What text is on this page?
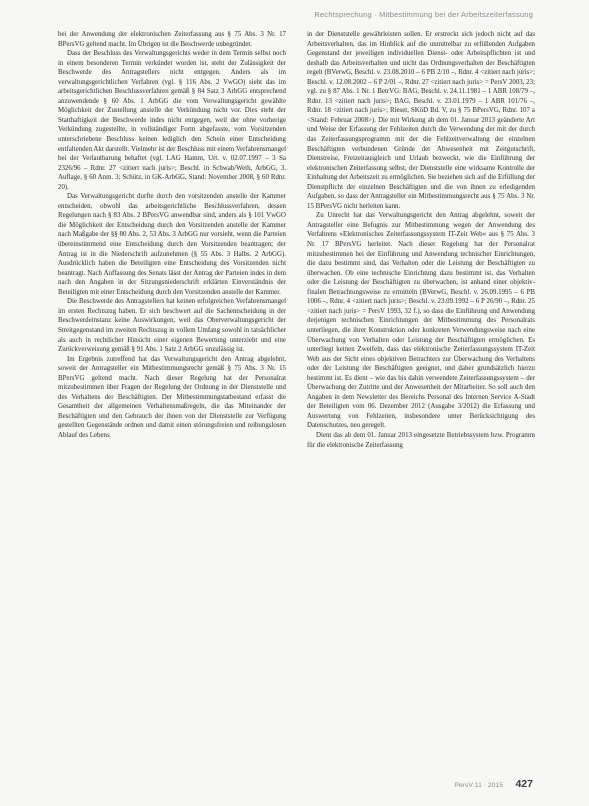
Rechtsprechung · Mitbestimmung bei der Arbeitszeiterfassung

bei der Anwendung der elektronischen Zeiterfassung aus § 75 Abs. 3 Nr. 17 BPersVG geltend macht. Im Übrigen ist die Beschwerde unbegründet.

Dass der Beschluss des Verwaltungsgerichts weder in dem Termin selbst noch in einem besonderen Termin verkündet worden ist, steht der Zulässigkeit der Beschwerde des Antragstellers nicht entgegen. Anders als im verwaltungsgerichtlichen Verfahren (vgl. § 116 Abs. 2 VwGO) sieht das im arbeitsgerichtlichen Beschlussverfahren gemäß § 84 Satz 3 ArbGG entsprechend anzuwendende § 60 Abs. 1 ArbGG die vom Verwaltungsgericht gewählte Möglichkeit der Zustellung anstelle der Verkündung nicht vor. Dies steht der Statthaftigkeit der Beschwerde indes nicht entgegen, weil der ohne vorherige Verkündung zugestellte, in vollständiger Form abgefasste, vom Vorsitzenden unterschriebene Beschluss keinen lediglich den Schein einer Entscheidung entfaltenden Akt darstellt. Vielmehr ist der Beschluss mit einem Verfahrensmangel bei der Verlautbarung behaftet (vgl. LAG Hamm, Urt. v. 02.07.1997 – 3 Sa 2326/96 – Rdnr. 27 <zitiert nach juris>; Beschl. in Schwab/Weth, ArbGG, 3. Auflage, § 60 Anm. 3; Schütz, in GK-ArbGG, Stand: November 2008, § 60 Rdnr. 20).

Das Verwaltungsgericht durfte durch den vorsitzenden anstelle der Kammer entscheiden, obwohl das arbeitsgerichtliche Beschlussverfahren, dessen Regelungen nach § 83 Abs. 2 BPersVG anwendbar sind, anders als § 101 VwGO die Möglichkeit der Entscheidung durch den Vorsitzenden anstelle der Kammer nach Maßgabe der §§ 80 Abs. 2, 53 Abs. 3 ArbGG nur vorsieht, wenn die Parteien übereinstimmend eine Entscheidung durch den Vorsitzenden beantragen; der Antrag ist in die Niederschrift aufzunehmen (§ 55 Abs. 3 Halbs. 2 ArbGG). Ausdrücklich haben die Beteiligten eine Entscheidung des Vorsitzenden nicht beantragt. Nach Auffassung des Senats lässt der Antrag der Parteien indes in dem nach den Angaben in der Sitzungsniederschrift erklärten Einverständnis der Beteiligten mit einer Entscheidung durch den Vorsitzenden anstelle der Kammer.

Die Beschwerde des Antragstellers hat keinen erfolgreichen Verfahrensmangel im ersten Rechtszug haben. Er sich beschwert auf die Sachentscheidung in der Beschwerdeinstanz keine Auswirkungen, weil das Oberverwaltungsgericht der Streitgegenstand im zweiten Rechtszug in vollem Umfang sowohl in tatsächlicher als auch in rechtlicher Hinsicht einer eigenen Bewertung unterzieht und eine Zurückverweisung gemäß § 91 Abs. 1 Satz 2 ArbGG unzulässig ist.

Im Ergebnis zutreffend hat das Verwaltungsgericht den Antrag abgelehnt, soweit der Antragsteller ein Mitbestimmungsrecht gemäß § 75 Abs. 3 Nr. 15 BPersVG geltend macht. Nach dieser Regelung hat der Personalrat mitzubestimmen über Fragen der Regelung der Ordnung in der Dienststelle und des Verhaltens der Beschäftigten. Der Mitbestimmungstatbestand erfasst die Gesamtheit der allgemeinen Verhaltensmaßregeln, die das Miteinander der Beschäftigten und den Gebrauch der ihnen von der Dienststelle zur Verfügung gestellten Gegenstände ordnen und damit einen störungsfreien und reibungslosen Ablauf des Lebens

in der Dienststelle gewährleisten sollen. Er erstreckt sich jedoch nicht auf das Arbeitsverhalten, das im Hinblick auf die unmittelbar zu erfüllenden Aufgaben Gegenstand der jeweiligen individuellen Dienst- oder Arbeitspflichten ist und deshalb das Arbeitsverhalten und nicht das Ordnungsverhalten der Beschäftigten regelt (BVerwG, Beschl. v. 23.08.2010 – 6 PB 2/10 –, Rdnr. 4 <zitiert nach juris>; Beschl. v. 12.08.2002 – 6 P 2/01 –, Rdnr. 27 <zitiert nach juris> = PersV 2003, 23; vgl. zu § 87 Abs. 1 Nr. 1 BetrVG: BAG, Beschl. v. 24.11.1981 – 1 ABR 108/79 –, Rdnr. 13 <zitiert nach juris>; BAG, Beschl. v. 23.01.1979 – 1 ABR 101/76 –, Rdnr. 18 <zitiert nach juris>; Rieset, SKöD Bd. V, zu § 75 BPersVG, Rdnr. 107 a <Stand: Februar 2008>). Die mit Wirkung ab dem 01. Januar 2013 geänderte Art und Weise der Erfassung der Fehlzeiten durch die Verwendung der mit der durch das Zeiterfassungsprogramm mit der die Fehlzeitverwaltung der einzelnen Beschäftigten verbundenen Gründe der Abwesenheit mit Zeitgutschrift, Dienstreise, Freizeitausgleich und Urlaub bezweckt, wie die Einführung der elektronischen Zeiterfassung selbst, der Dienststelle eine wirksame Kontrolle der Einhaltung der Arbeitszeit zu ermöglichen. Sie beziehen sich auf die Erfüllung der Dienstpflicht der einzelnen Beschäftigten und die von ihnen zu erledigenden Aufgaben, so dass der Antragsteller ein Mitbestimmungsrecht aus § 75 Abs. 3 Nr. 15 BPersVG nicht herleiten kann.

Zu Unrecht hat das Verwaltungsgericht den Antrag abgelehnt, soweit der Antragsteller eine Befugnis zur Mitbestimmung wegen der Anwendung des Verfahrens »Elektronisches Zeiterfassungssystem IT-Zeit Web« aus § 75 Abs. 3 Nr. 17 BPersVG herleitet. Nach dieser Regelung hat der Personalrat mitzubestimmen bei der Einführung und Anwendung technischer Einrichtungen, die dazu bestimmt sind, das Verhalten oder die Leistung der Beschäftigten zu überwachen. Ob eine technische Einrichtung dazu bestimmt ist, das Verhalten oder die Leistung der Beschäftigten zu überwachen, ist anhand einer objektiv-finalen Betrachtungsweise zu ermitteln (BVerwG, Beschl. v. 26.09.1995 – 6 PB 1006 –, Rdnr. 4 <zitiert nach juris>; Beschl. v. 23.09.1992 – 6 P 26/90 –, Rdnr. 25 <zitiert nach juris> = PersV 1993, 32 f.), so dass die Einführung und Anwendung derjenigen technischen Einrichtungen der Mitbestimmung des Personalrats unterliegen, die ihrer Konstruktion oder konkreten Verwendungsweise nach eine Überwachung von Verhalten oder Leistung der Beschäftigten ermöglichen. Es unterliegt keinen Zweifeln, dass das elektronische Zeiterfassungssystem IT-Zeit Web aus der Sicht eines objektiven Betrachters zur Überwachung des Verhaltens oder der Leistung der Beschäftigten geeignet, und daher grundsätzlich hierzu bestimmt ist. Es dient – wie das bis dahin verwendete Zeiterfassungssystem – der Überwachung der Zutritte und der Anwesenheit der Mitarbeiter. So soll auch den Angaben in dem Newsletter des Bereichs Personal des Internen Service A-Stadt der Beteiligten vom 06. Dezember 2012 (Ausgabe 3/2012) die Erfassung und Auswertung von Fehlzeiten, insbesondere unter Berücksichtigung des Datenschutzes, neu geregelt.

Dient das ab dem 01. Januar 2013 eingesetzte Betriebssystem bzw. Programm für die elektronische Zeiterfassung

PersV 11 · 2015 427
